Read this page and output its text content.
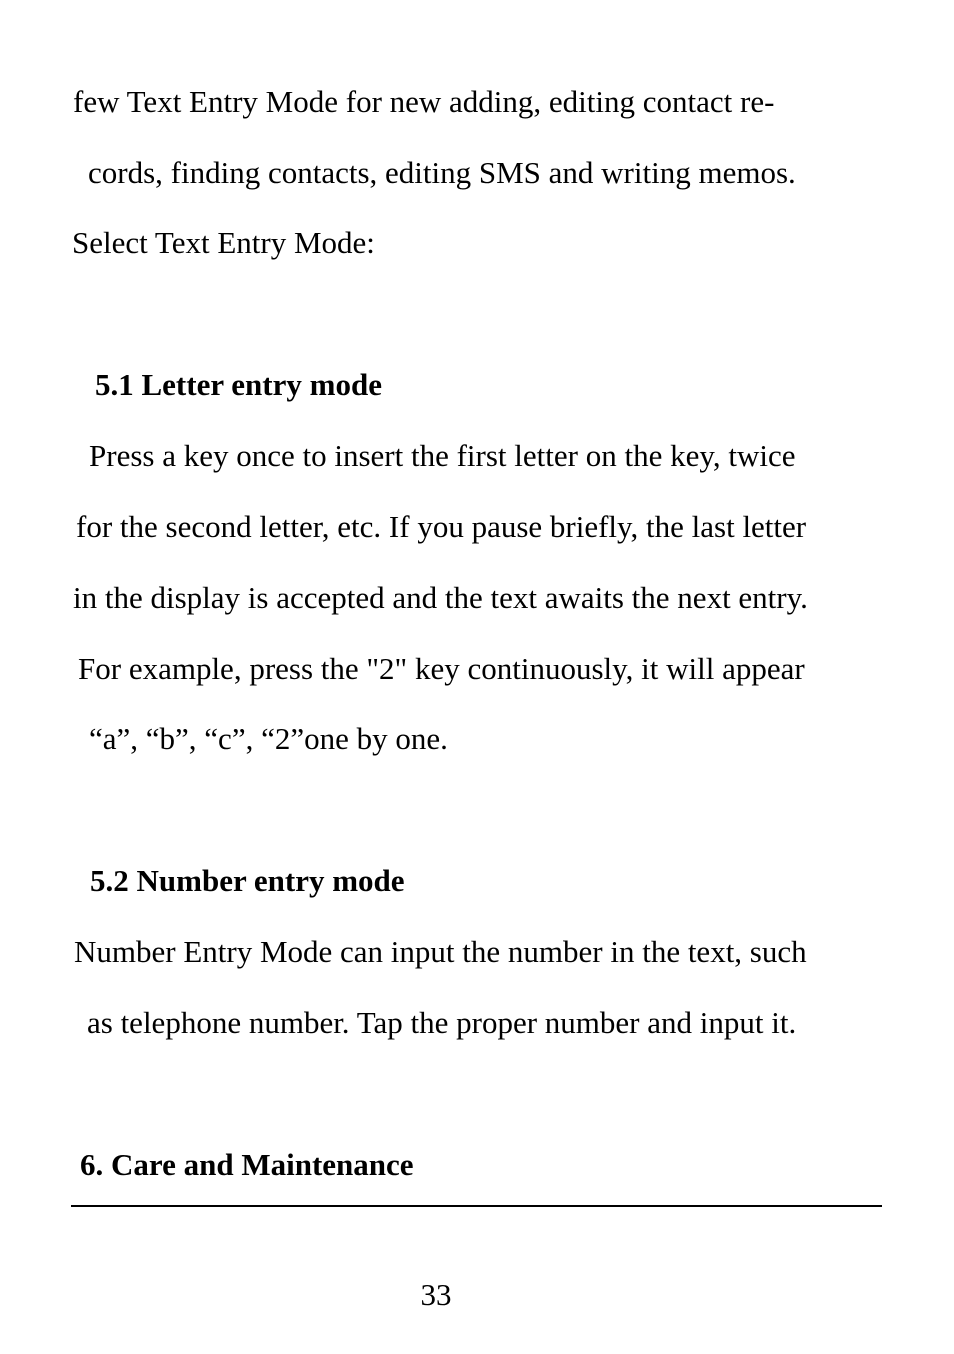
few Text Entry Mode for new add​ing, editing contact re-
cords, finding contacts, editing SMS and writing memos.
Select Text Entry Mode:
5.1 Letter entry mode
Press a key once to insert the first letter on the key, twice
for the second letter, etc. If you pause briefly, the last letter
in the display is accepted and the text awaits the next entry.
For example, press the "2" key continuously, it will appear
“a”, “b”, “c”, “2”one by one.
5.2 Number entry mode
Number Entry Mode can input the number in the text, such
as telephone number. Tap the proper number and input it.
6. Care and Maintenance
33
